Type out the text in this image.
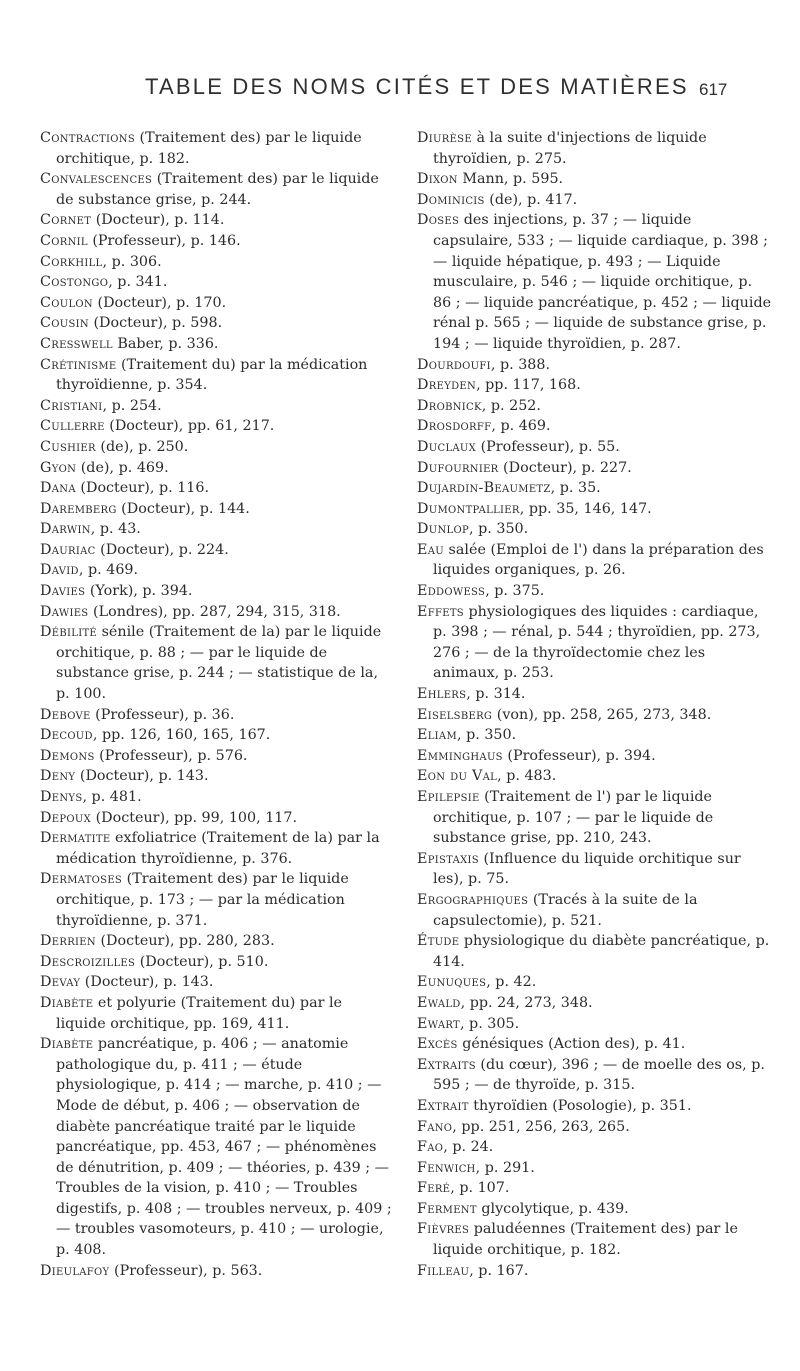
TABLE DES NOMS CITÉS ET DES MATIÈRES 617

Contractions (Traitement des) par le liquide orchitique, p. 182.

Convalescences (Traitement des) par le liquide de substance grise, p. 244.

Cornet (Docteur), p. 114.

Cornil (Professeur), p. 146.

Corkhill, p. 306.

Costongo, p. 341.

Coulon (Docteur), p. 170.

Cousin (Docteur), p. 598.

Cresswell Baber, p. 336.

Crétinisme (Traitement du) par la médication thyroïdienne, p. 354.

Cristiani, p. 254.

Cullerre (Docteur), pp. 61, 217.

Cushier (de), p. 250.

Gyon (de), p. 469.

Dana (Docteur), p. 116.

Daremberg (Docteur), p. 144.

Darwin, p. 43.

Dauriac (Docteur), p. 224.

David, p. 469.

Davies (York), p. 394.

Dawies (Londres), pp. 287, 294, 315, 318.

Débilité sénile (Traitement de la) par le liquide orchitique, p. 88 ; — par le liquide de substance grise, p. 244 ; — statistique de la, p. 100.

Debove (Professeur), p. 36.

Decoud, pp. 126, 160, 165, 167.

Demons (Professeur), p. 576.

Deny (Docteur), p. 143.

Denys, p. 481.

Depoux (Docteur), pp. 99, 100, 117.

Dermatite exfoliatrice (Traitement de la) par la médication thyroïdienne, p. 376.

Dermatoses (Traitement des) par le liquide orchitique, p. 173 ; — par la médication thyroïdienne, p. 371.

Derrien (Docteur), pp. 280, 283.

Descroizilles (Docteur), p. 510.

Devay (Docteur), p. 143.

Diabète et polyurie (Traitement du) par le liquide orchitique, pp. 169, 411.

Diabète pancréatique, p. 406 ; — anatomie pathologique du, p. 411 ; — étude physiologique, p. 414 ; — marche, p. 410 ; — Mode de début, p. 406 ; — observation de diabète pancréatique traité par le liquide pancréatique, pp. 453, 467 ; — phénomènes de dénutrition, p. 409 ; — théories, p. 439 ; — Troubles de la vision, p. 410 ; — Troubles digestifs, p. 408 ; — troubles nerveux, p. 409 ; — troubles vasomoteurs, p. 410 ; — urologie, p. 408.

Dieulafoy (Professeur), p. 563.

Diurèse à la suite d'injections de liquide thyroïdien, p. 275.

Dixon Mann, p. 595.

Dominicis (de), p. 417.

Doses des injections, p. 37 ; — liquide capsulaire, 533 ; — liquide cardiaque, p. 398 ; — liquide hépatique, p. 493 ; — Liquide musculaire, p. 546 ; — liquide orchitique, p. 86 ; — liquide pancréatique, p. 452 ; — liquide rénal p. 565 ; — liquide de substance grise, p. 194 ; — liquide thyroïdien, p. 287.

Dourdoufi, p. 388.

Dreyden, pp. 117, 168.

Drobnick, p. 252.

Drosdorff, p. 469.

Duclaux (Professeur), p. 55.

Dufournier (Docteur), p. 227.

Dujardin-Beaumetz, p. 35.

Dumontpallier, pp. 35, 146, 147.

Dunlop, p. 350.

Eau salée (Emploi de l') dans la préparation des liquides organiques, p. 26.

Eddowess, p. 375.

Effets physiologiques des liquides : cardiaque, p. 398 ; — rénal, p. 544 ; thyroïdien, pp. 273, 276 ; — de la thyroïdectomie chez les animaux, p. 253.

Ehlers, p. 314.

Eiselsberg (von), pp. 258, 265, 273, 348.

Eliam, p. 350.

Emminghaus (Professeur), p. 394.

Eon du Val, p. 483.

Epilepsie (Traitement de l') par le liquide orchitique, p. 107 ; — par le liquide de substance grise, pp. 210, 243.

Epistaxis (Influence du liquide orchitique sur les), p. 75.

Ergographiques (Tracés à la suite de la capsulectomie), p. 521.

Étude physiologique du diabète pancréatique, p. 414.

Eunuques, p. 42.

Ewald, pp. 24, 273, 348.

Ewart, p. 305.

Excès génésiques (Action des), p. 41.

Extraits (du cœur), 396 ; — de moelle des os, p. 595 ; — de thyroïde, p. 315.

Extrait thyroïdien (Posologie), p. 351.

Fano, pp. 251, 256, 263, 265.

Fao, p. 24.

Fenwich, p. 291.

Feré, p. 107.

Ferment glycolytique, p. 439.

Fièvres paludéennes (Traitement des) par le liquide orchitique, p. 182.

Filleau, p. 167.
